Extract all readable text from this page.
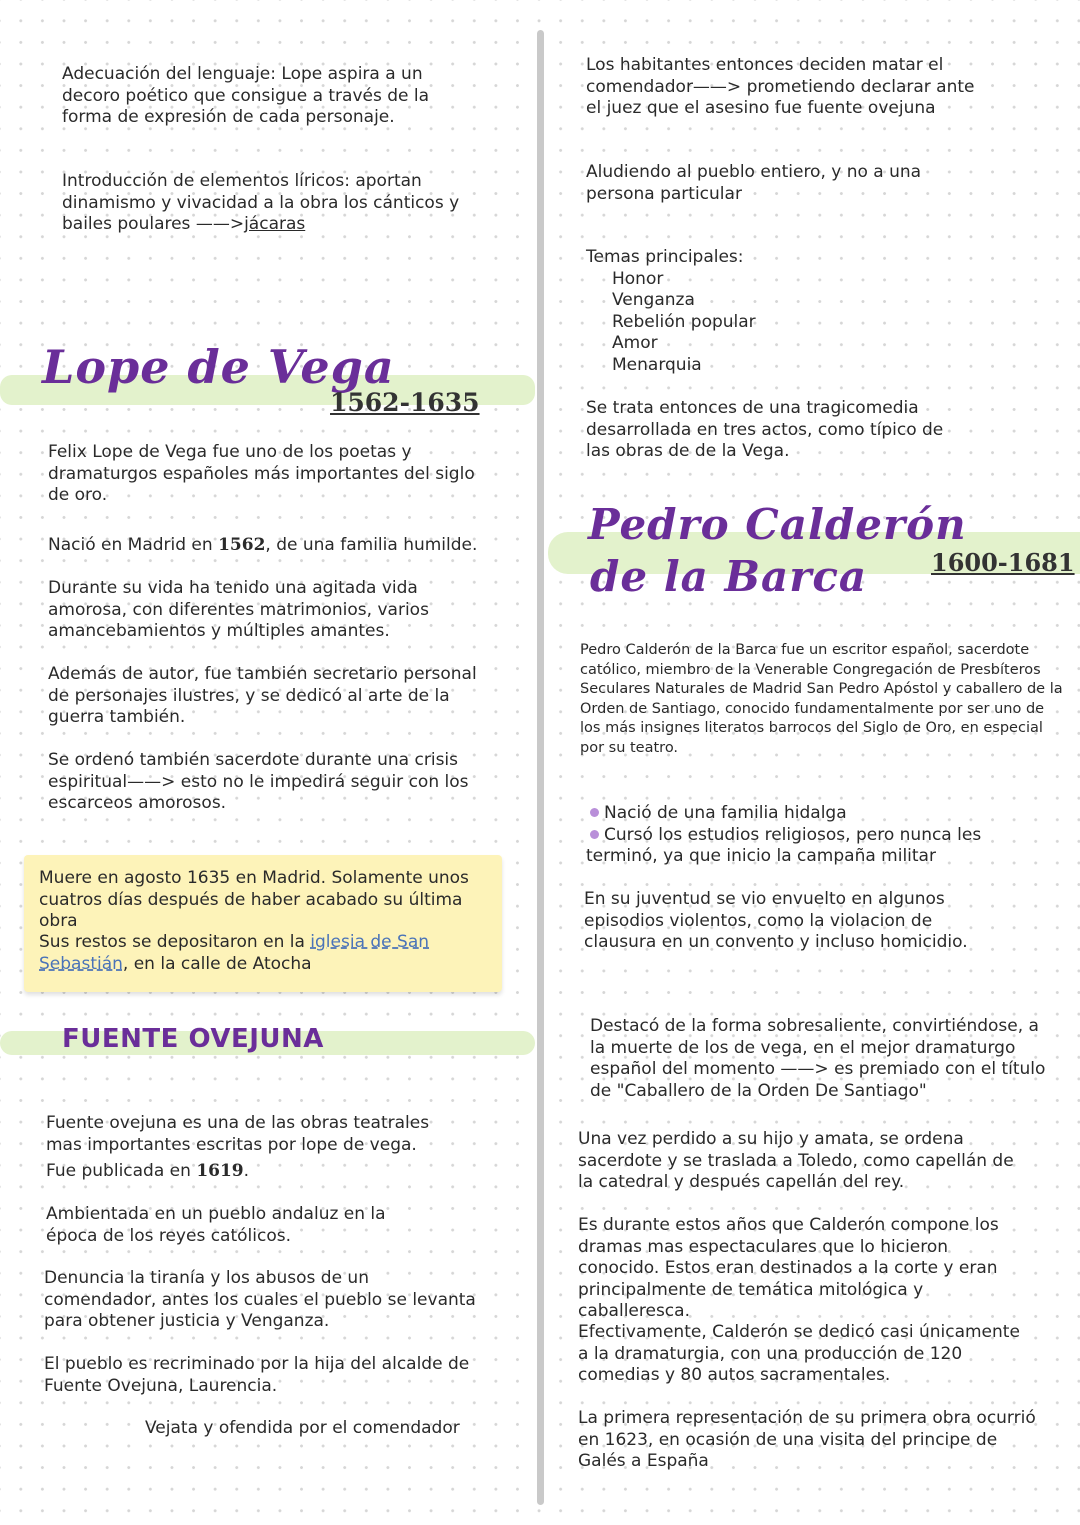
Adecuación del lenguaje: Lope aspira a un decoro poético que consigue a través de la forma de expresión de cada personaje.

Introducción de elementos líricos: aportan dinamismo y vivacidad a la obra los cánticos y bailes poulares ——>jácaras

Lope de Vega

1562-1635

Felix Lope de Vega fue uno de los poetas y dramaturgos españoles más importantes del siglo de oro.

Nació en Madrid en 1562, de una familia humilde.

Durante su vida ha tenido una agitada vida amorosa, con diferentes matrimonios, varios amancebamientos y múltiples amantes.

Además de autor, fue también secretario personal de personajes ilustres, y se dedicó al arte de la guerra también.

Se ordenó también sacerdote durante una crisis espiritual——> esto no le impedirá seguir con los escarceos amorosos.

Muere en agosto 1635 en Madrid. Solamente unos cuatros días después de haber acabado su última obra

Sus restos se depositaron en la iglesia de San Sebastián, en la calle de Atocha

FUENTE OVEJUNA

Fuente ovejuna es una de las obras teatrales mas importantes escritas por lope de vega.

Fue publicada en 1619.

Ambientada en un pueblo andaluz en la época de los reyes católicos.

Denuncia la tiranía y los abusos de un comendador, antes los cuales el pueblo se levanta para obtener justicia y Venganza.

El pueblo es recriminado por la hija del alcalde de Fuente Ovejuna, Laurencia.

Vejata y ofendida por el comendador

Los habitantes entonces deciden matar el comendador——> prometiendo declarar ante el juez que el asesino fue fuente ovejuna

Aludiendo al pueblo entiero, y no a una persona particular

Temas principales:
Honor
Venganza
Rebelión popular
Amor
Menarquia

Se trata entonces de una tragicomedia desarrollada en tres actos, como típico de las obras de de la Vega.

Pedro Calderón

de la Barca	1600-1681

Pedro Calderón de la Barca fue un escritor español, sacerdote católico, miembro de la Venerable Congregación de Presbíteros Seculares Naturales de Madrid San Pedro Apóstol y caballero de la Orden de Santiago, conocido fundamentalmente por ser uno de los más insignes literatos barrocos del Siglo de Oro, en especial por su teatro.

Nació de una familia hidalga
Cursó los estudios religiosos, pero nunca les
terminó, ya que inicio la campaña militar

En su juventud se vio envuelto en algunos episodios violentos, como la violacion de clausura en un convento y incluso homicidio.

Destacó de la forma sobresaliente, convirtiéndose, a la muerte de los de vega, en el mejor dramaturgo español del momento ——> es premiado con el título de "Caballero de la Orden De Santiago"

Una vez perdido a su hijo y amata, se ordena sacerdote y se traslada a Toledo, como capellán de la catedral y después capellán del rey.

Es durante estos años que Calderón compone los dramas mas espectaculares que lo hicieron conocido. Estos eran destinados a la corte y eran principalmente de temática mitológica y caballeresca.

Efectivamente, Calderón se dedicó casi únicamente a la dramaturgia, con una producción de 120 comedias y 80 autos sacramentales.

La primera representación de su primera obra ocurrió en 1623, en ocasión de una visita del principe de Galés a España
